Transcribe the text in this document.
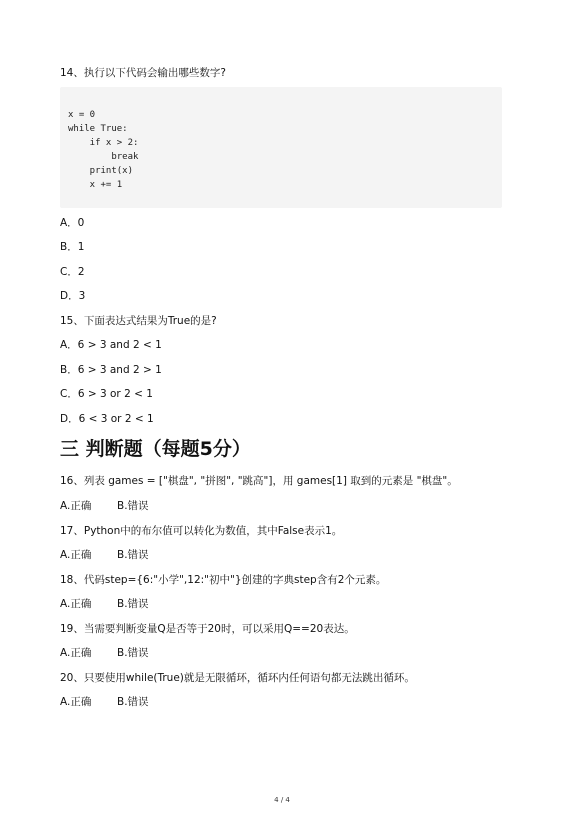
14、执行以下代码会输出哪些数字?

x = 0
while True:
if x > 2:
break
print(x)
x += 1

A．0

B．1

C．2

D．3

15、下面表达式结果为True的是?

A．6 > 3 and 2 < 1

B．6 > 3 and 2 > 1

C．6 > 3 or 2 < 1

D．6 < 3 or 2 < 1

三 判断题（每题5分）

16、列表 games = ["棋盘", "拼图", "跳高"]，用 games[1] 取到的元素是 "棋盘"。

A.正确 B.错误

17、Python中的布尔值可以转化为数值，其中False表示1。

A.正确 B.错误

18、代码step={6:"小学",12:"初中"}创建的字典step含有2个元素。

A.正确 B.错误

19、当需要判断变量Q是否等于20时，可以采用Q==20表达。

A.正确 B.错误

20、只要使用while(True)就是无限循环，循环内任何语句都无法跳出循环。

A.正确 B.错误

4 / 4
